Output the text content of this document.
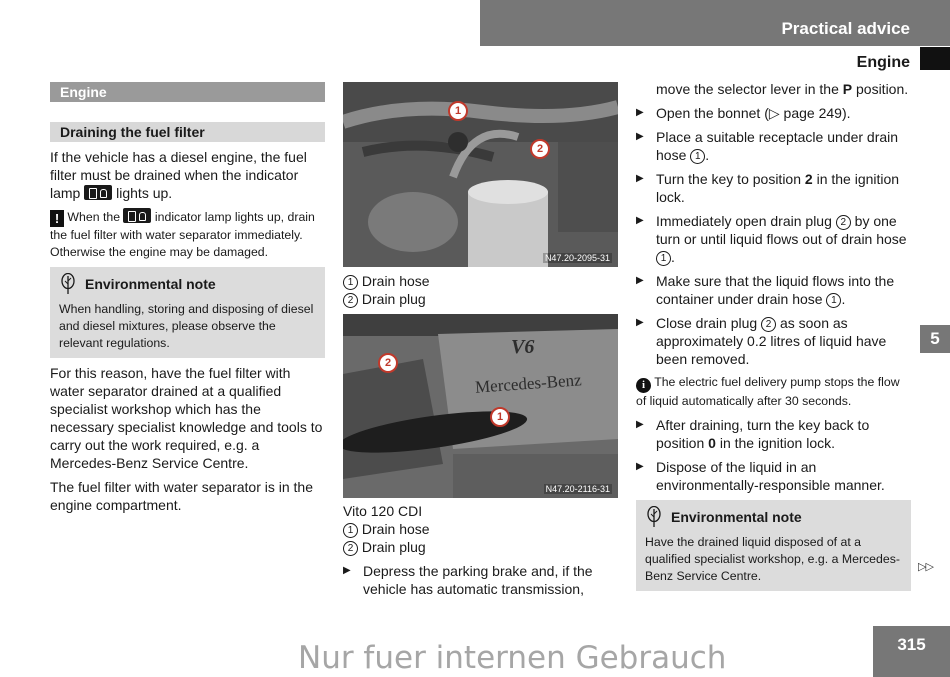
Practical advice
Engine
Engine
Draining the fuel filter

If the vehicle has a diesel engine, the fuel filter must be drained when the indicator lamp	lights up.

! When the	indicator lamp lights up, drain the fuel filter with water separator immediately. Otherwise the engine may be damaged.
Environmental note
When handling, storing and disposing of diesel and diesel mixtures, please observe the relevant regulations.

For this reason, have the fuel filter with water separator drained at a qualified specialist workshop which has the necessary specialist knowledge and tools to carry out the work required, e.g. a Mercedes-Benz Service Centre.

The fuel filter with water separator is in the engine compartment.

1
2
N47.20-2095-31
1 Drain hose
2 Drain plug
V6
Mercedes-Benz
2
1
N47.20-2116-31
Vito 120 CDI
1 Drain hose
2 Drain plug
▶ Depress the parking brake and, if the vehicle has automatic transmission,
move the selector lever in the P position.
▶ Open the bonnet (▷ page 249).
▶ Place a suitable receptacle under drain hose 1 .
▶ Turn the key to position 2 in the ignition lock.
▶ Immediately open drain plug 2 by one turn or until liquid flows out of drain hose 1 .
▶ Make sure that the liquid flows into the container under drain hose 1 .
▶ Close drain plug 2 as soon as approximately 0.2 litres of liquid have been removed.
i The electric fuel delivery pump stops the flow of liquid automatically after 30 seconds.
▶ After draining, turn the key back to position 0 in the ignition lock.
▶ Dispose of the liquid in an environmentally-responsible manner.
Environmental note
Have the drained liquid disposed of at a qualified specialist workshop, e.g. a Mercedes-Benz Service Centre.
5
▷▷
315
Nur fuer internen Gebrauch
